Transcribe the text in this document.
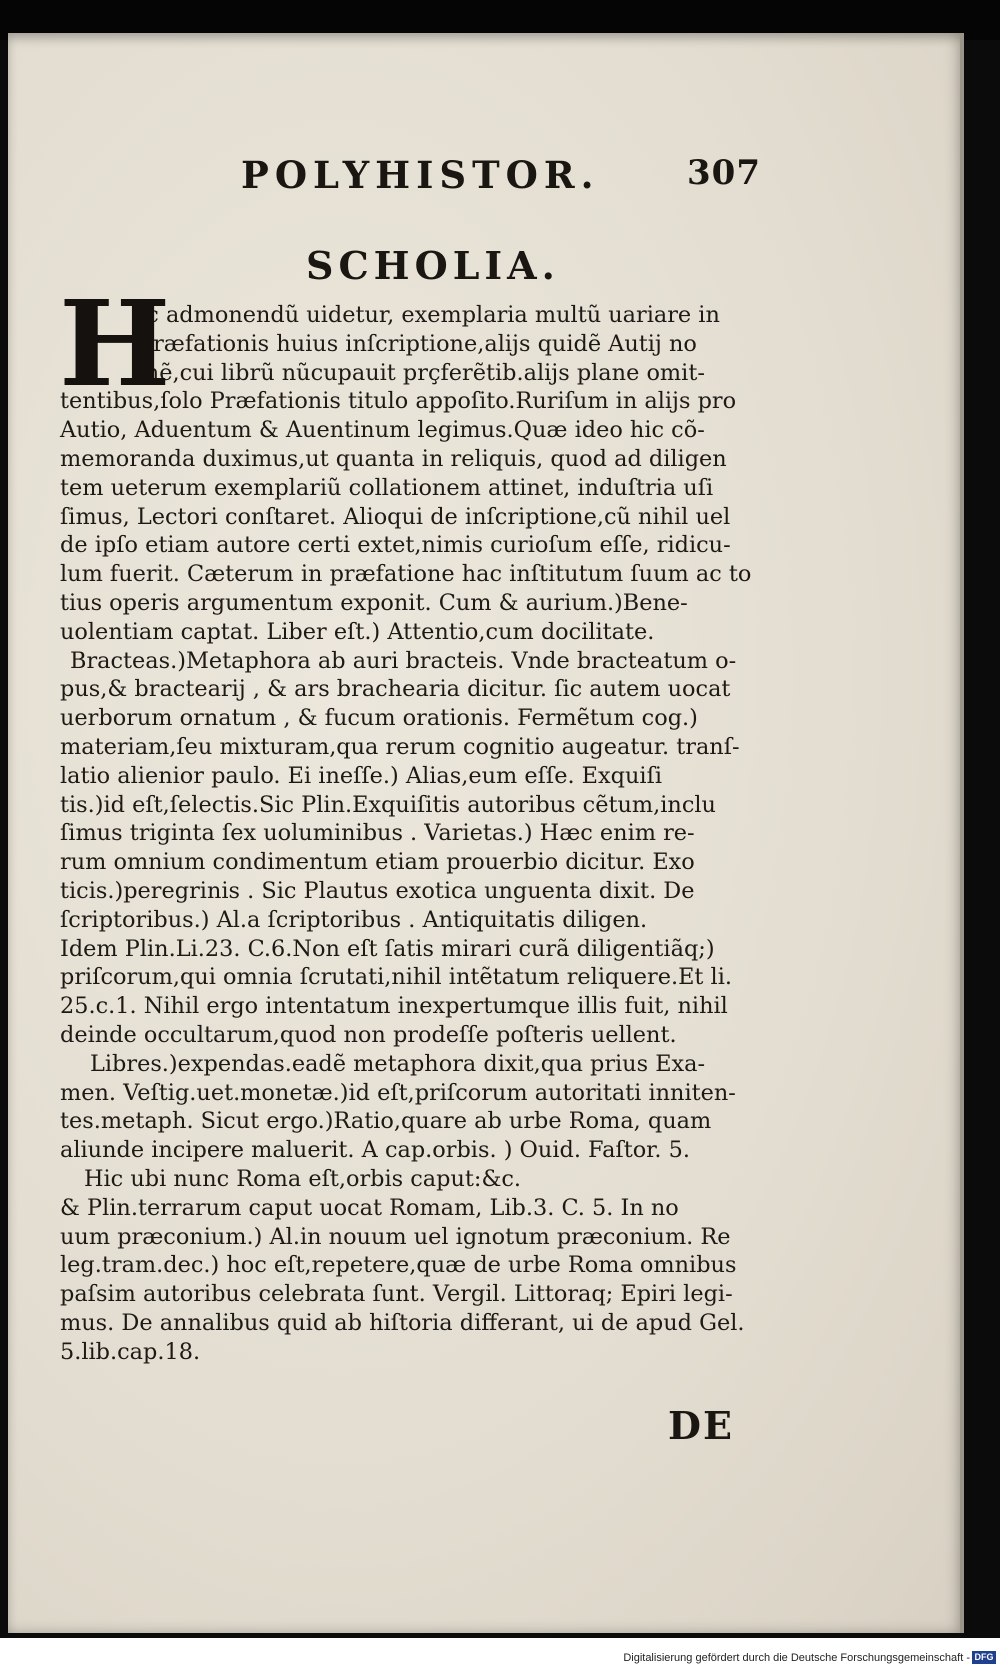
POLYHISTOR.	307
SCHOLIA.
H
ſc admonendũ uidetur, exemplaria multũ uariare in
Præfationis huius inſcriptione,alijs quidẽ Autij no
mẽ,cui librũ nũcupauit prçferẽtib.alijs plane omit-
tentibus,ſolo Præfationis titulo appoſito.Ruriſum in alijs pro
Autio, Aduentum & Auentinum legimus.Quæ ideo hic cõ-
memoranda duximus,ut quanta in reliquis, quod ad diligen
tem ueterum exemplariũ collationem attinet, induſtria uſi
ſimus, Lectori conſtaret. Alioqui de inſcriptione,cũ nihil uel
de ipſo etiam autore certi extet,nimis curioſum eſſe, ridicu-
lum fuerit. Cæterum in præfatione hac inſtitutum ſuum ac to
tius operis argumentum exponit. Cum & aurium.)Bene-
uolentiam captat. Liber eſt.) Attentio,cum docilitate.
Bracteas.)Metaphora ab auri bracteis. Vnde bracteatum o-
pus,& bractearij , & ars brachearia dicitur. ſic autem uocat
uerborum ornatum , & fucum orationis. Fermẽtum cog.)
materiam,ſeu mixturam,qua rerum cognitio augeatur. tranſ-
latio alienior paulo. Ei ineſſe.) Alias,eum eſſe. Exquiſi
tis.)id eſt,ſelectis.Sic Plin.Exquiſitis autoribus cẽtum,inclu
ſimus triginta ſex uoluminibus . Varietas.) Hæc enim re-
rum omnium condimentum etiam prouerbio dicitur. Exo
ticis.)peregrinis . Sic Plautus exotica unguenta dixit. De
ſcriptoribus.) Al.a ſcriptoribus . Antiquitatis diligen.
Idem Plin.Li.23. C.6.Non eſt ſatis mirari curã diligentiãq;)
priſcorum,qui omnia ſcrutati,nihil intẽtatum reliquere.Et li.
25.c.1. Nihil ergo intentatum inexpertumque illis fuit, nihil
deinde occultarum,quod non prodeſſe poſteris uellent.
Libres.)expendas.eadẽ metaphora dixit,qua prius Exa-
men. Veſtig.uet.monetæ.)id eſt,priſcorum autoritati inniten-
tes.metaph. Sicut ergo.)Ratio,quare ab urbe Roma, quam
aliunde incipere maluerit. A cap.orbis. ) Ouid. Faſtor. 5.
Hic ubi nunc Roma eſt,orbis caput:&c.
& Plin.terrarum caput uocat Romam, Lib.3. C. 5. In no
uum præconium.) Al.in nouum uel ignotum præconium. Re
leg.tram.dec.) hoc eſt,repetere,quæ de urbe Roma omnibus
paſsim autoribus celebrata ſunt. Vergil. Littoraq; Epiri legi-
mus. De annalibus quid ab hiſtoria differant, ui de apud Gel.
5.lib.cap.18.
DE
Digitalisierung gefördert durch die Deutsche Forschungsgemeinschaft - DFG
